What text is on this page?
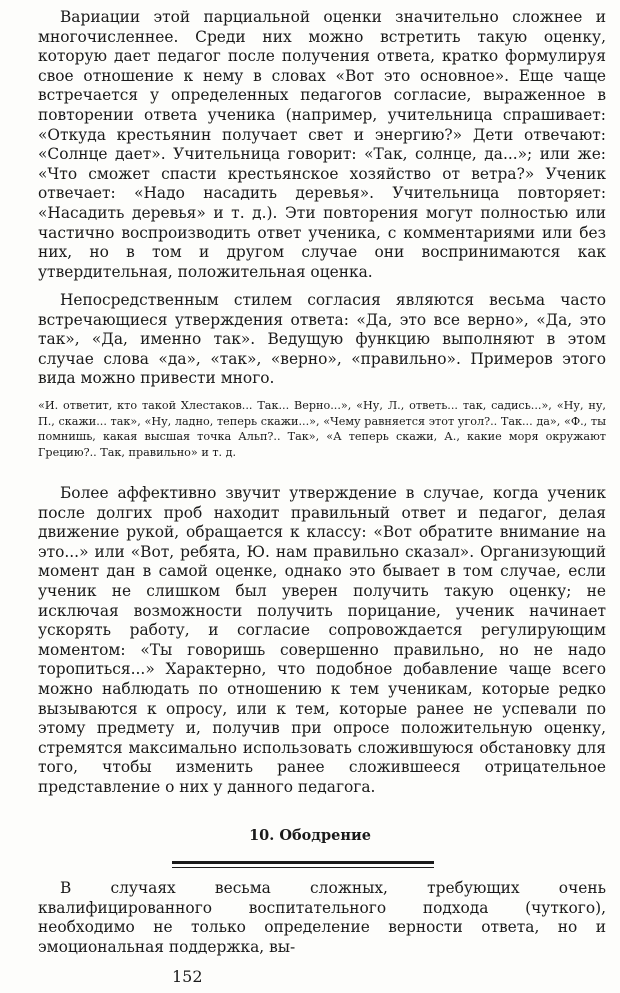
Вариации этой парциальной оценки значительно сложнее и многочисленнее. Среди них можно встретить такую оценку, которую дает педагог после получения ответа, кратко формулируя свое отношение к нему в словах «Вот это основное». Еще чаще встречается у определенных педагогов согласие, выраженное в повторении ответа ученика (например, учительница спрашивает: «Откуда крестьянин получает свет и энергию?» Дети отвечают: «Солнце дает». Учительница говорит: «Так, солнце, да...»; или же: «Что сможет спасти крестьянское хозяйство от ветра?» Ученик отвечает: «Надо насадить деревья». Учительница повторяет: «Насадить деревья» и т. д.). Эти повторения могут полностью или частично воспроизводить ответ ученика, с комментариями или без них, но в том и другом случае они воспринимаются как утвердительная, положительная оценка.

Непосредственным стилем согласия являются весьма часто встречающиеся утверждения ответа: «Да, это все верно», «Да, это так», «Да, именно так». Ведущую функцию выполняют в этом случае слова «да», «так», «верно», «правильно». Примеров этого вида можно привести много.

«И. ответит, кто такой Хлестаков... Так... Верно...», «Ну, Л., ответь... так, садись...», «Ну, ну, П., скажи... так», «Ну, ладно, теперь скажи...», «Чему равняется этот угол?.. Так... да», «Ф., ты помнишь, какая высшая точка Альп?.. Так», «А теперь скажи, А., какие моря окружают Грецию?.. Так, правильно» и т. д.

Более аффективно звучит утверждение в случае, когда ученик после долгих проб находит правильный ответ и педагог, делая движение рукой, обращается к классу: «Вот обратите внимание на это...» или «Вот, ребята, Ю. нам правильно сказал». Организующий момент дан в самой оценке, однако это бывает в том случае, если ученик не слишком был уверен получить такую оценку; не исключая возможности получить порицание, ученик начинает ускорять работу, и согласие сопровождается регулирующим моментом: «Ты говоришь совершенно правильно, но не надо торопиться...» Характерно, что подобное добавление чаще всего можно наблюдать по отношению к тем ученикам, которые редко вызываются к опросу, или к тем, которые ранее не успевали по этому предмету и, получив при опросе положительную оценку, стремятся максимально использовать сложившуюся обстановку для того, чтобы изменить ранее сложившееся отрицательное представление о них у данного педагога.

10. Ободрение

В случаях весьма сложных, требующих очень квалифицированного воспитательного подхода (чуткого), необходимо не только определение верности ответа, но и эмоциональная поддержка, вы-

152
